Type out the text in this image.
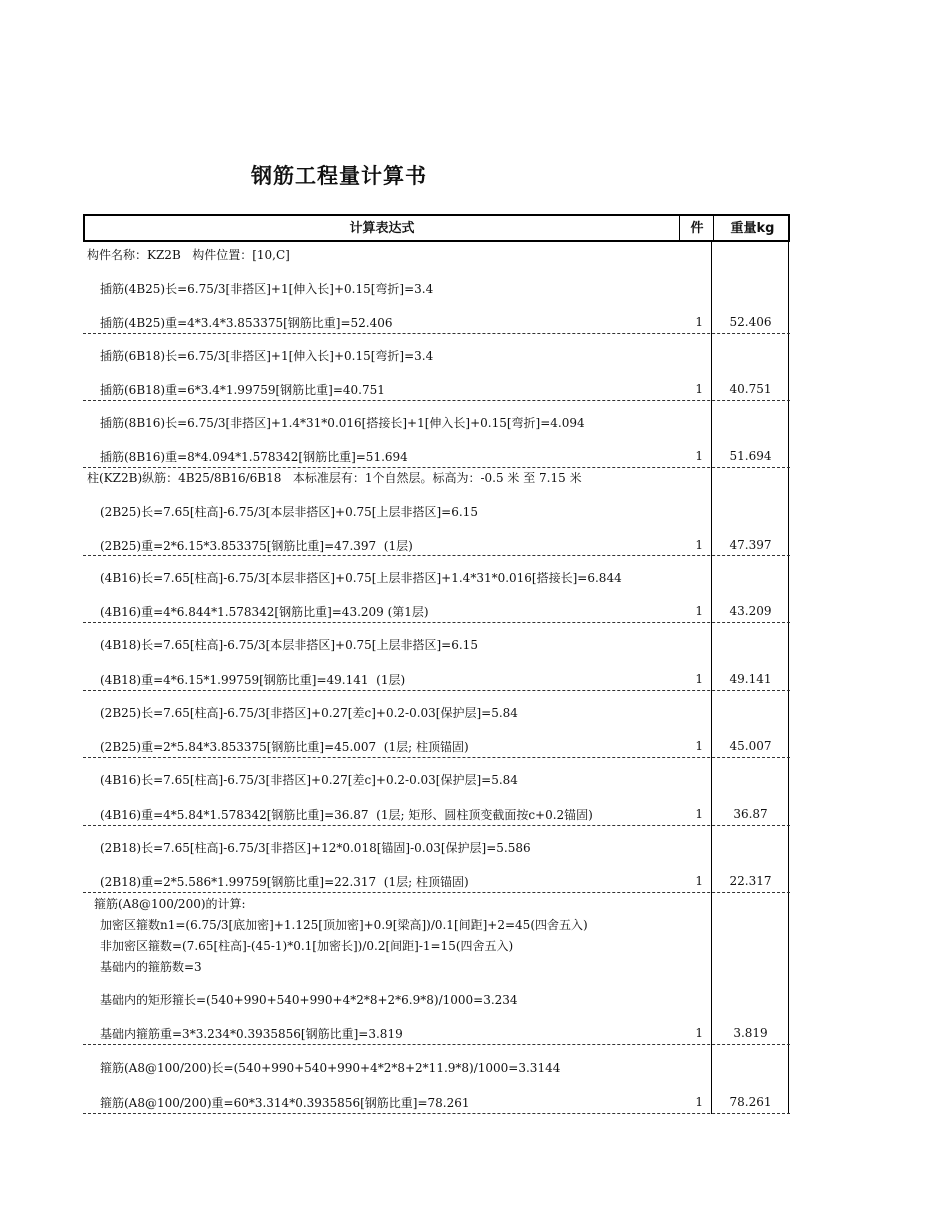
钢筋工程量计算书
计算表达式	件	重量kg
构件名称：KZ2B   构件位置：[10,C]
插筋(4B25)长=6.75/3[非搭区]+1[伸入长]+0.15[弯折]=3.4
插筋(4B25)重=4*3.4*3.853375[钢筋比重]=52.406	1	52.406
插筋(6B18)长=6.75/3[非搭区]+1[伸入长]+0.15[弯折]=3.4
插筋(6B18)重=6*3.4*1.99759[钢筋比重]=40.751	1	40.751
插筋(8B16)长=6.75/3[非搭区]+1.4*31*0.016[搭接长]+1[伸入长]+0.15[弯折]=4.094
插筋(8B16)重=8*4.094*1.578342[钢筋比重]=51.694	1	51.694
柱(KZ2B)纵筋：4B25/8B16/6B18   本标准层有：1个自然层。标高为：-0.5 米 至 7.15 米
(2B25)长=7.65[柱高]-6.75/3[本层非搭区]+0.75[上层非搭区]=6.15
(2B25)重=2*6.15*3.853375[钢筋比重]=47.397  (1层)	1	47.397
(4B16)长=7.65[柱高]-6.75/3[本层非搭区]+0.75[上层非搭区]+1.4*31*0.016[搭接长]=6.844
(4B16)重=4*6.844*1.578342[钢筋比重]=43.209 (第1层)	1	43.209
(4B18)长=7.65[柱高]-6.75/3[本层非搭区]+0.75[上层非搭区]=6.15
(4B18)重=4*6.15*1.99759[钢筋比重]=49.141  (1层)	1	49.141
(2B25)长=7.65[柱高]-6.75/3[非搭区]+0.27[差c]+0.2-0.03[保护层]=5.84
(2B25)重=2*5.84*3.853375[钢筋比重]=45.007  (1层; 柱顶锚固)	1	45.007
(4B16)长=7.65[柱高]-6.75/3[非搭区]+0.27[差c]+0.2-0.03[保护层]=5.84
(4B16)重=4*5.84*1.578342[钢筋比重]=36.87  (1层; 矩形、圆柱顶变截面按c+0.2锚固)	1	36.87
(2B18)长=7.65[柱高]-6.75/3[非搭区]+12*0.018[锚固]-0.03[保护层]=5.586
(2B18)重=2*5.586*1.99759[钢筋比重]=22.317  (1层; 柱顶锚固)	1	22.317
箍筋(A8@100/200)的计算:
加密区箍数n1=(6.75/3[底加密]+1.125[顶加密]+0.9[梁高])/0.1[间距]+2=45(四舍五入)
非加密区箍数=(7.65[柱高]-(45-1)*0.1[加密长])/0.2[间距]-1=15(四舍五入)
基础内的箍筋数=3
基础内的矩形箍长=(540+990+540+990+4*2*8+2*6.9*8)/1000=3.234
基础内箍筋重=3*3.234*0.3935856[钢筋比重]=3.819	1	3.819
箍筋(A8@100/200)长=(540+990+540+990+4*2*8+2*11.9*8)/1000=3.3144
箍筋(A8@100/200)重=60*3.314*0.3935856[钢筋比重]=78.261	1	78.261
